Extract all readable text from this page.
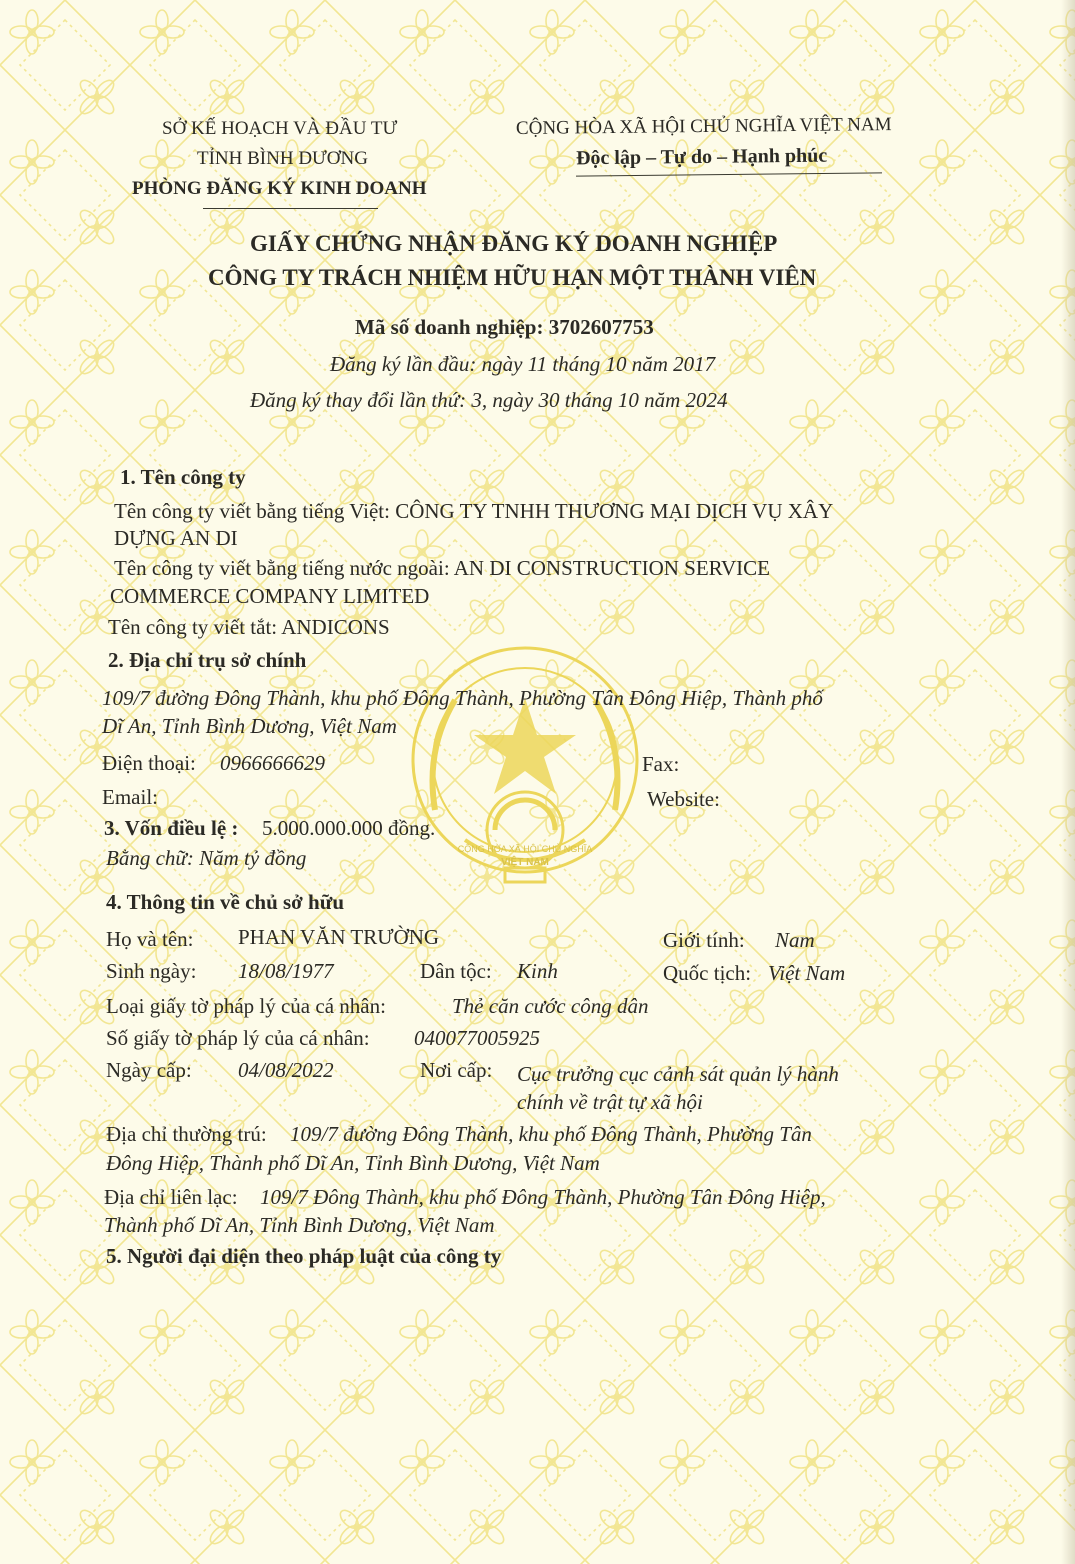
CỘNG HÒA XÃ HỘI CHỦ NGHĨA
VIỆT NAM
SỞ KẾ HOẠCH VÀ ĐẦU TƯ
TỈNH BÌNH DƯƠNG
PHÒNG ĐĂNG KÝ KINH DOANH
CỘNG HÒA XÃ HỘI CHỦ NGHĨA VIỆT NAM
Độc lập – Tự do – Hạnh phúc
GIẤY CHỨNG NHẬN ĐĂNG KÝ DOANH NGHIỆP
CÔNG TY TRÁCH NHIỆM HỮU HẠN MỘT THÀNH VIÊN
Mã số doanh nghiệp: 3702607753
Đăng ký lần đầu: ngày 11 tháng 10 năm 2017
Đăng ký thay đổi lần thứ: 3, ngày 30 tháng 10 năm 2024
1. Tên công ty
Tên công ty viết bằng tiếng Việt: CÔNG TY TNHH THƯƠNG MẠI DỊCH VỤ XÂY
DỰNG AN DI
Tên công ty viết bằng tiếng nước ngoài: AN DI CONSTRUCTION SERVICE
COMMERCE COMPANY LIMITED
Tên công ty viết tắt: ANDICONS
2. Địa chỉ trụ sở chính
109/7 đường Đông Thành, khu phố Đông Thành, Phường Tân Đông Hiệp, Thành phố
Dĩ An, Tỉnh Bình Dương, Việt Nam
Điện thoại: 0966666629	Fax:
Email:	Website:
3. Vốn điều lệ : 5.000.000.000 đồng.
Bằng chữ: Năm tỷ đồng
4. Thông tin về chủ sở hữu
Họ và tên: PHAN VĂN TRƯỜNG	Giới tính: Nam
Sinh ngày: 18/08/1977	Dân tộc: Kinh	Quốc tịch: Việt Nam
Loại giấy tờ pháp lý của cá nhân:	Thẻ căn cước công dân
Số giấy tờ pháp lý của cá nhân: 040077005925
Ngày cấp: 04/08/2022	Nơi cấp: Cục trưởng cục cảnh sát quản lý hành
chính về trật tự xã hội
Địa chỉ thường trú: 109/7 đường Đông Thành, khu phố Đông Thành, Phường Tân
Đông Hiệp, Thành phố Dĩ An, Tỉnh Bình Dương, Việt Nam
Địa chỉ liên lạc: 109/7 Đông Thành, khu phố Đông Thành, Phường Tân Đông Hiệp,
Thành phố Dĩ An, Tỉnh Bình Dương, Việt Nam
5. Người đại diện theo pháp luật của công ty
